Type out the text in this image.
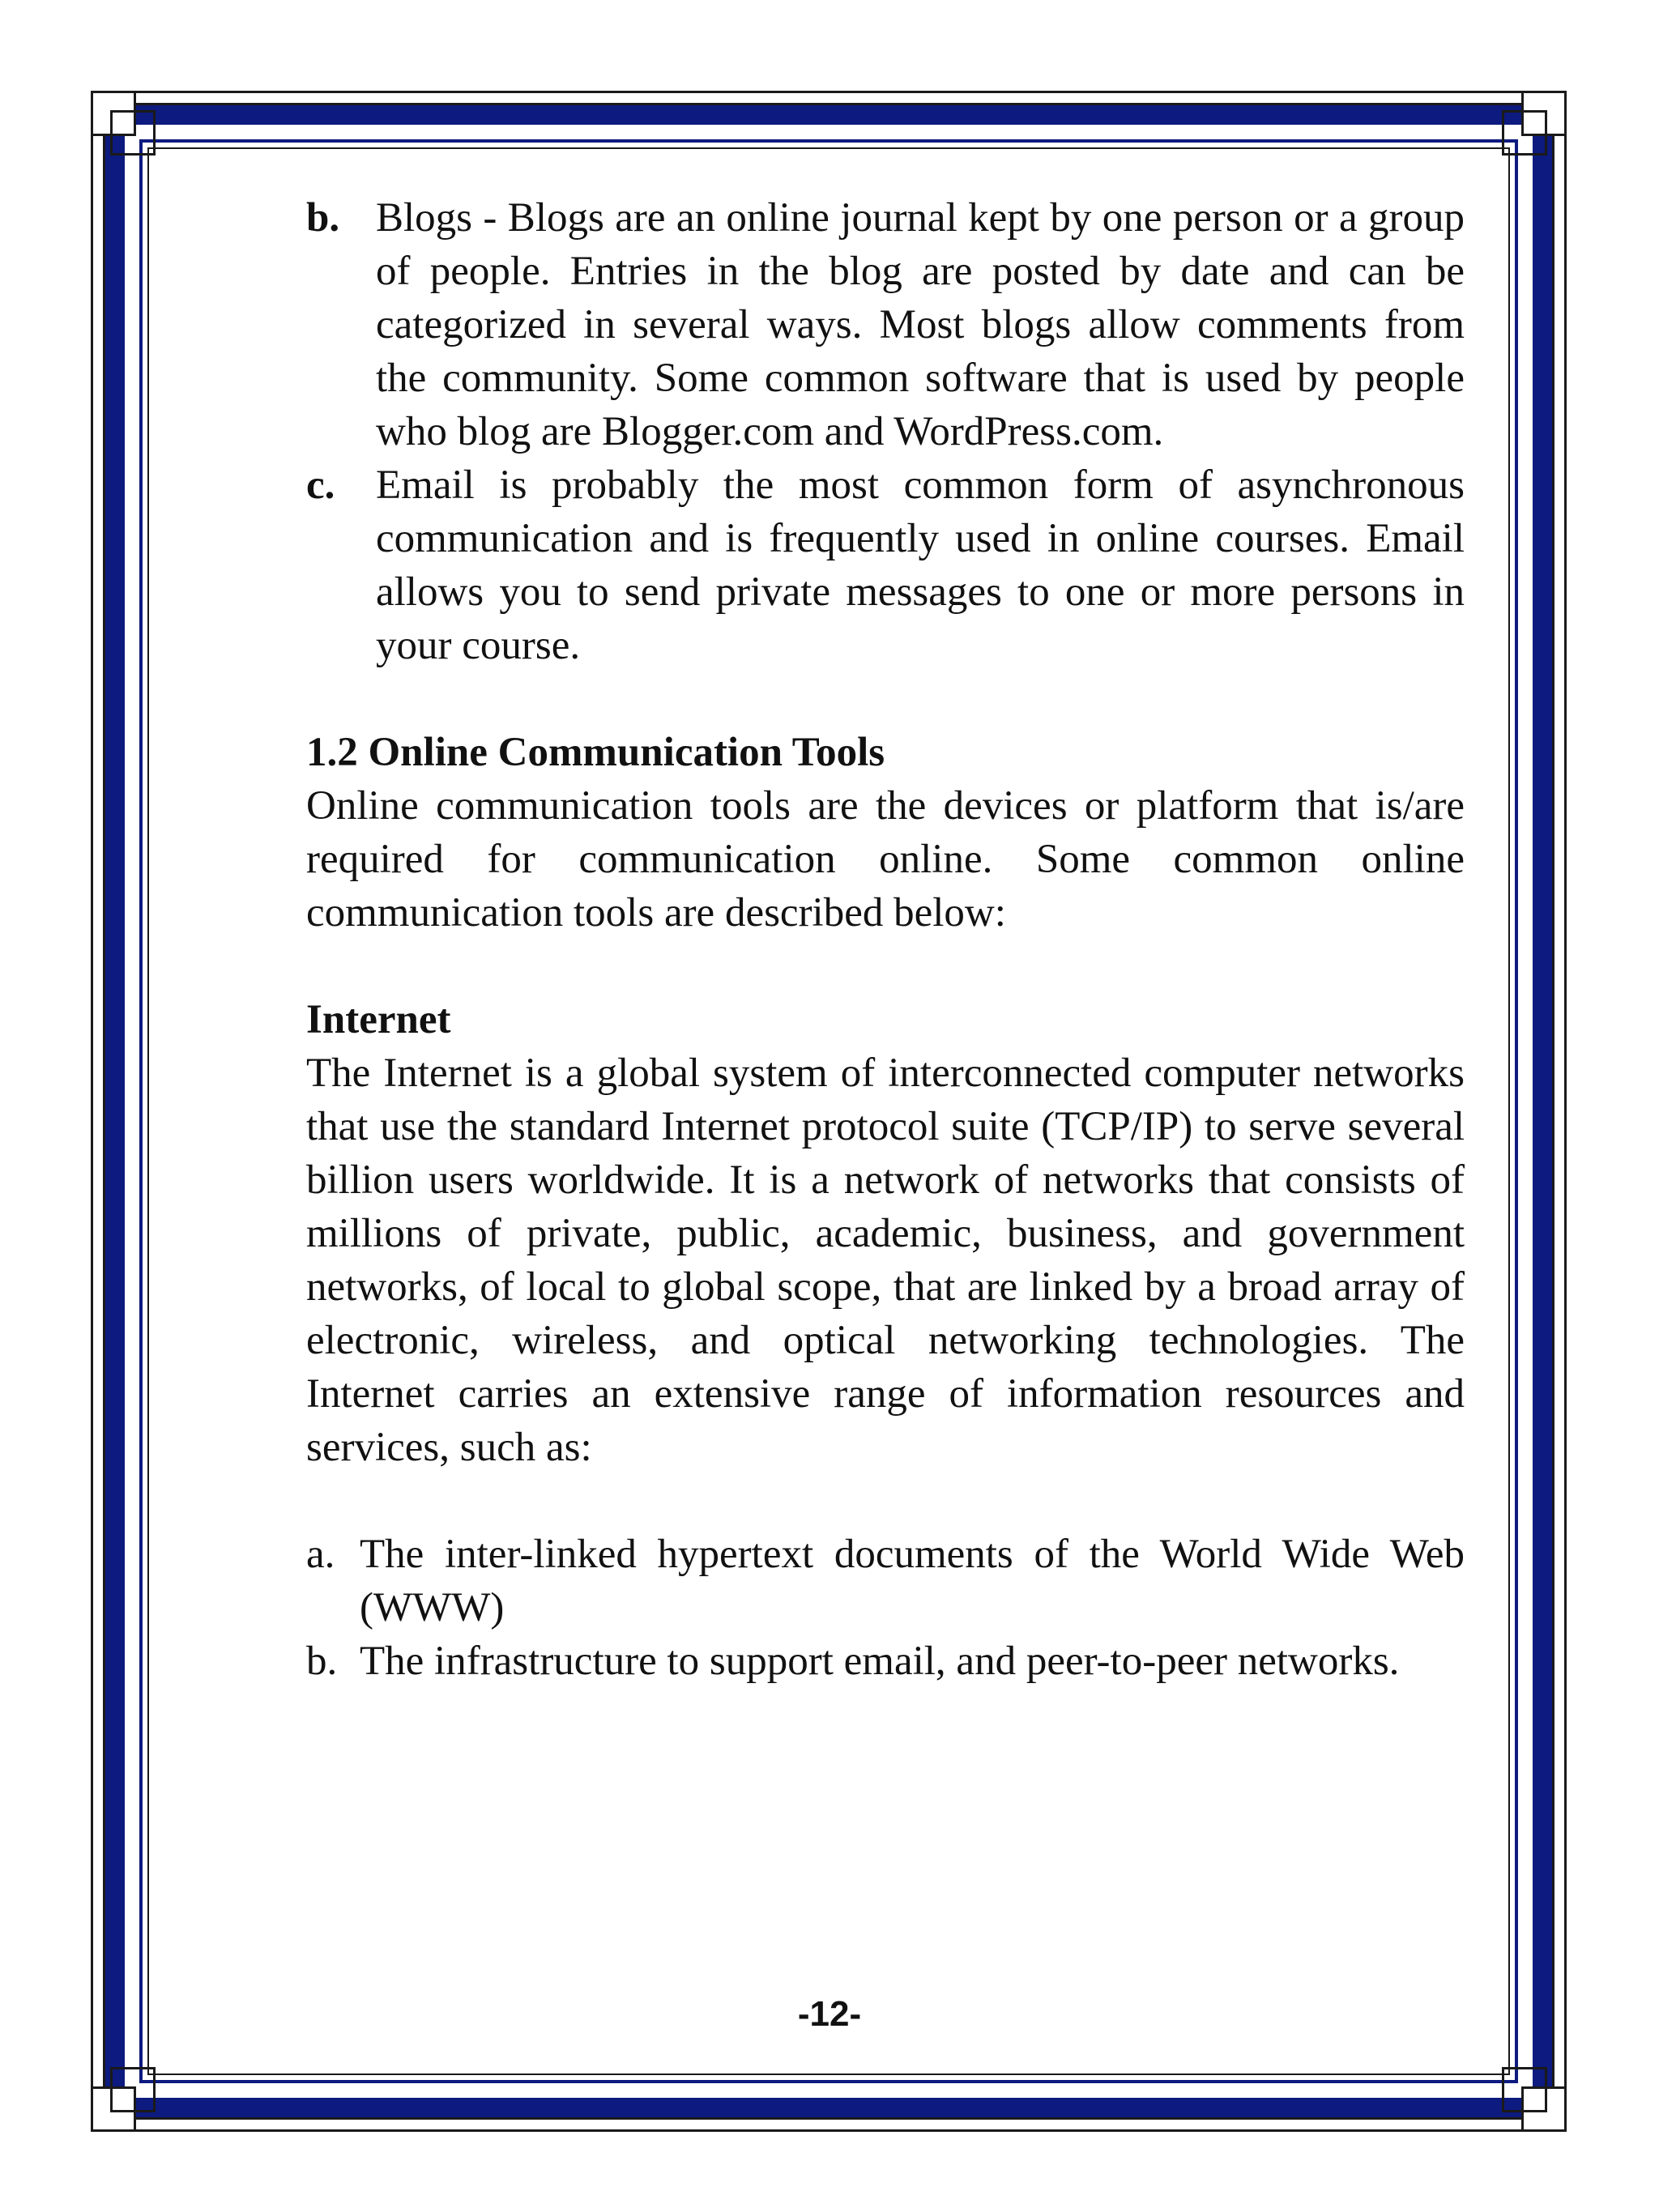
b. Blogs - Blogs are an online journal kept by one person or a group of people. Entries in the blog are posted by date and can be categorized in several ways. Most blogs allow comments from the community. Some common software that is used by people who blog are Blogger.com and WordPress.com.
c. Email is probably the most common form of asynchronous communication and is frequently used in online courses. Email allows you to send private messages to one or more persons in your course.

1.2 Online Communication Tools

Online communication tools are the devices or platform that is/are required for communication online. Some common online communication tools are described below:

Internet

The Internet is a global system of interconnected computer networks that use the standard Internet protocol suite (TCP/IP) to serve several billion users worldwide. It is a network of networks that consists of millions of private, public, academic, business, and government networks, of local to global scope, that are linked by a broad array of electronic, wireless, and optical networking technologies. The Internet carries an extensive range of information resources and services, such as:

a. The inter-linked hypertext documents of the World Wide Web (WWW)
b. The infrastructure to support email, and peer-to-peer networks.
-12-
